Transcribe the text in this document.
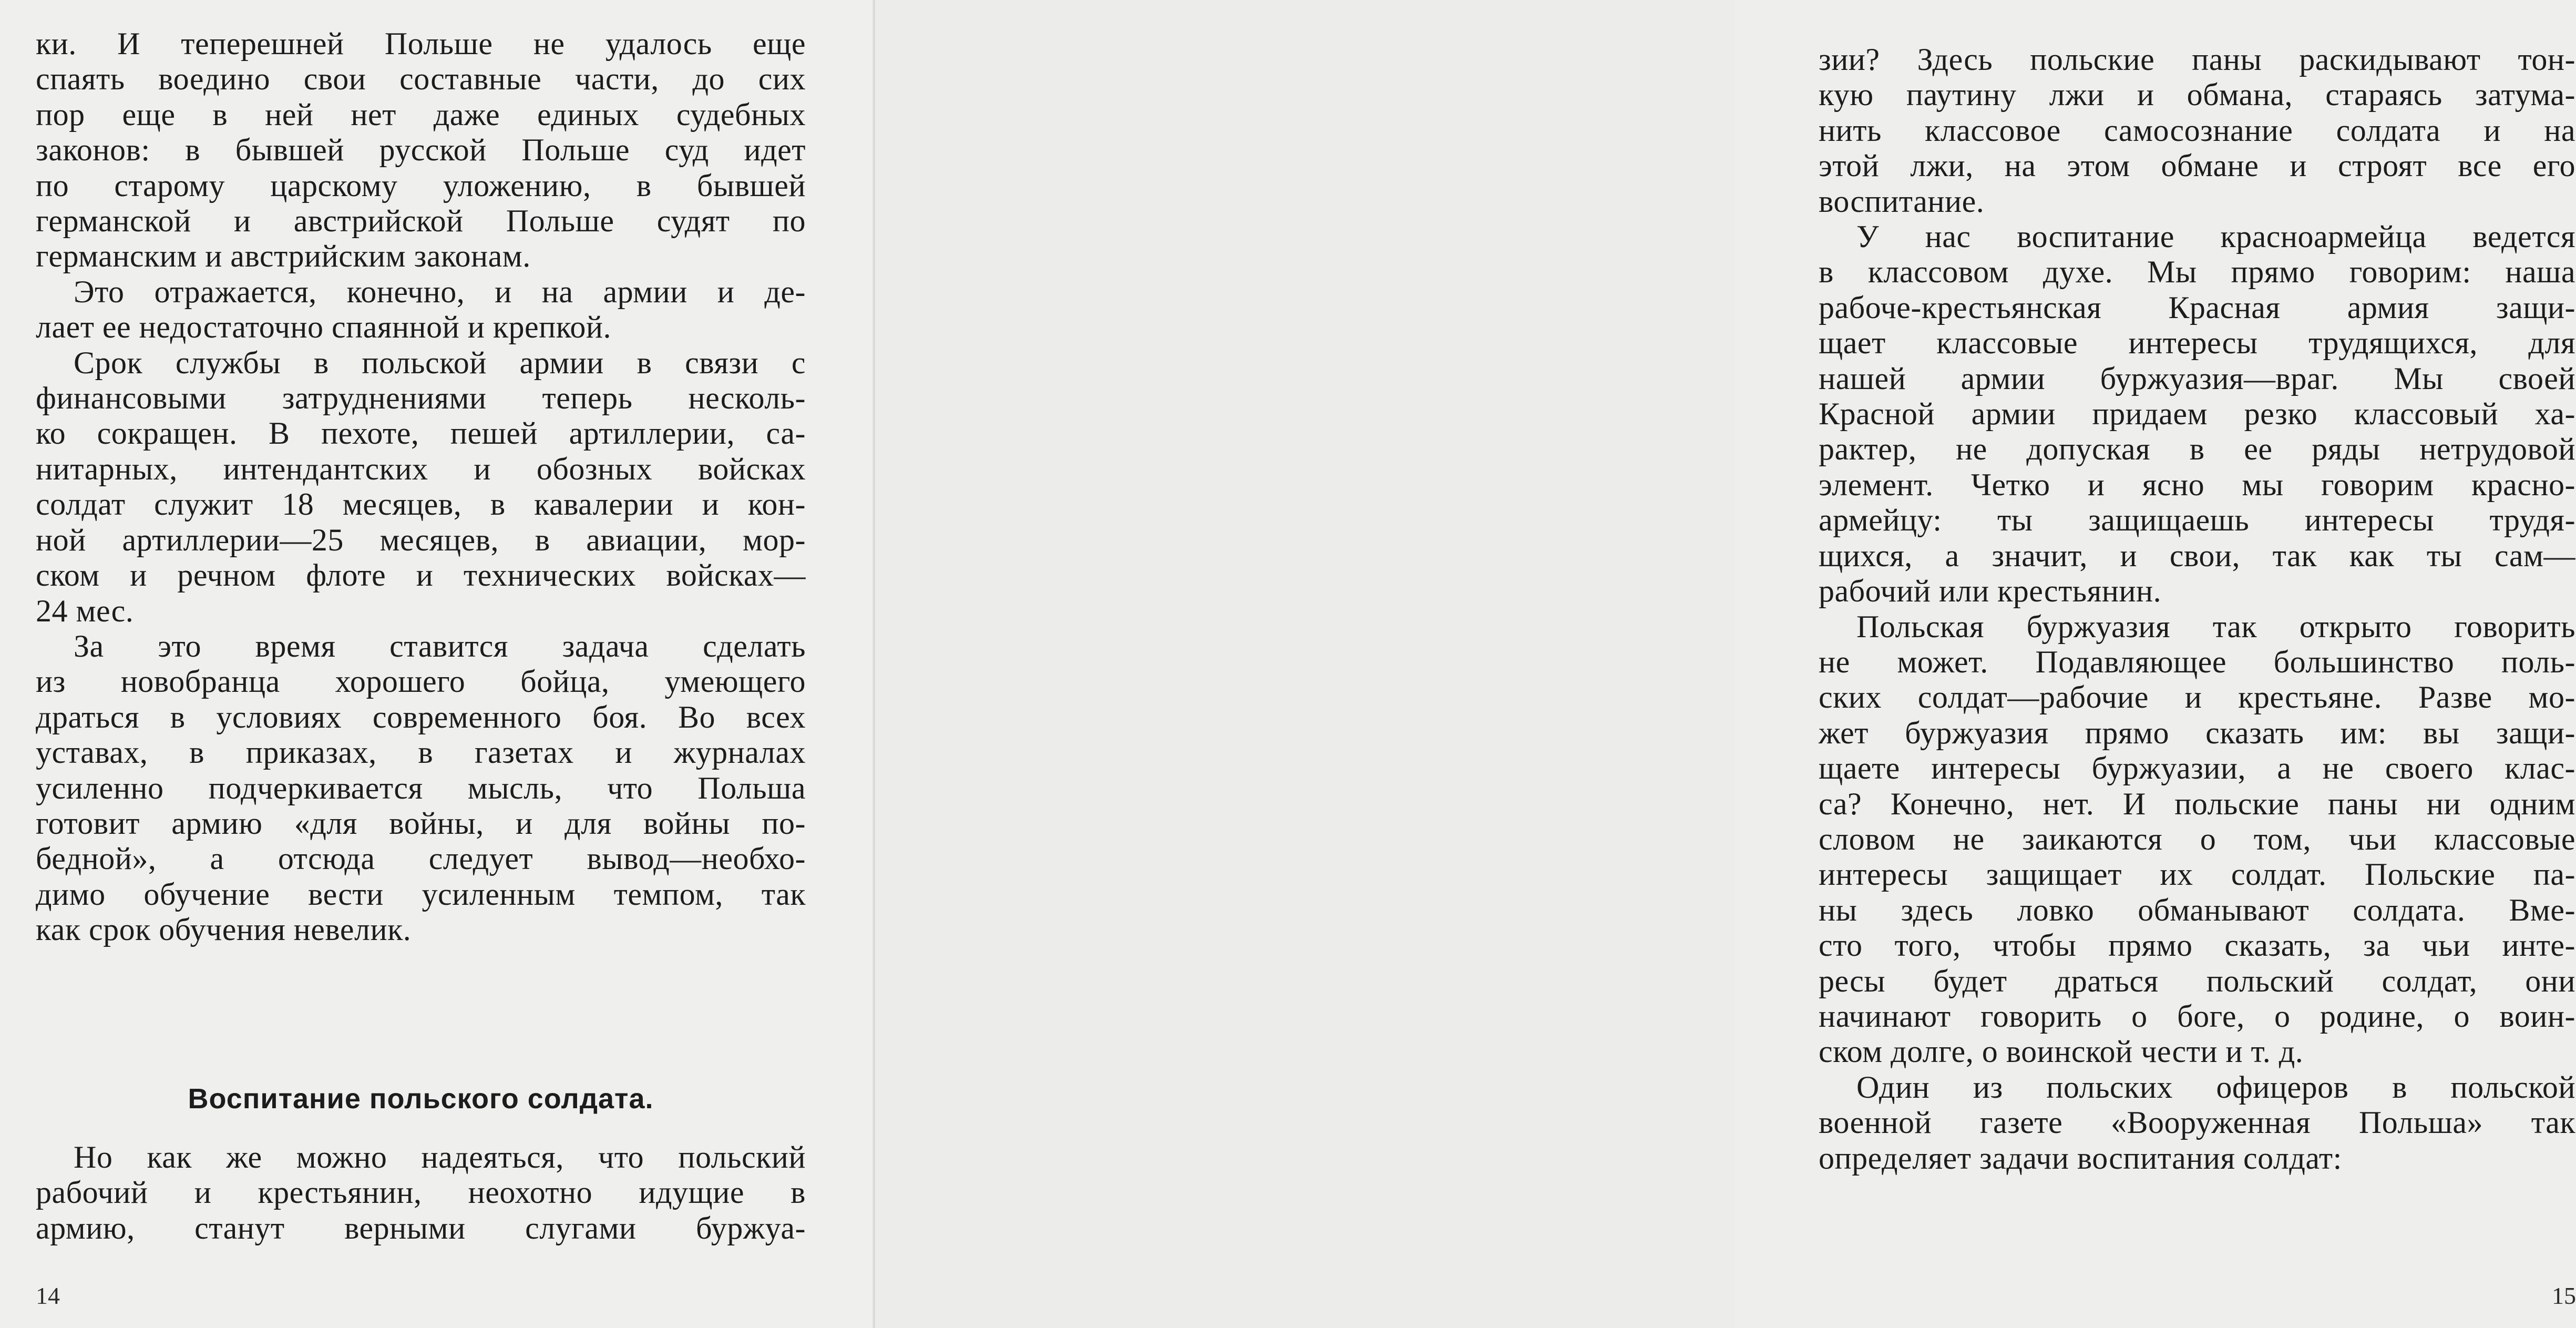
ки. И теперешней Польше не удалось еще
спаять воедино свои составные части, до сих
пор еще в ней нет даже единых судебных
законов: в бывшей русской Польше суд идет
по старому царскому уложению, в бывшей
германской и австрийской Польше судят по
германским и австрийским законам.
Это отражается, конечно, и на армии и де-
лает ее недостаточно спаянной и крепкой.
Срок службы в польской армии в связи с
финансовыми затруднениями теперь несколь-
ко сокращен. В пехоте, пешей артиллерии, са-
нитарных, интендантских и обозных войсках
солдат служит 18 месяцев, в кавалерии и кон-
ной артиллерии—25 месяцев, в авиации, мор-
ском и речном флоте и технических войсках—
24 мес.
За это время ставится задача сделать
из новобранца хорошего бойца, умеющего
драться в условиях современного боя. Во всех
уставах, в приказах, в газетах и журналах
усиленно подчеркивается мысль, что Польша
готовит армию «для войны, и для войны по-
бедной», а отсюда следует вывод—необхо-
димо обучение вести усиленным темпом, так
как срок обучения невелик.
Воспитание польского солдата.
Но как же можно надеяться, что польский
рабочий и крестьянин, неохотно идущие в
армию, станут верными слугами буржуа-
14
зии? Здесь польские паны раскидывают тон-
кую паутину лжи и обмана, стараясь затума-
нить классовое самосознание солдата и на
этой лжи, на этом обмане и строят все его
воспитание.
У нас воспитание красноармейца ведется
в классовом духе. Мы прямо говорим: наша
рабоче-крестьянская Красная армия защи-
щает классовые интересы трудящихся, для
нашей армии буржуазия—враг. Мы своей
Красной армии придаем резко классовый ха-
рактер, не допуская в ее ряды нетрудовой
элемент. Четко и ясно мы говорим красно-
армейцу: ты защищаешь интересы трудя-
щихся, а значит, и свои, так как ты сам—
рабочий или крестьянин.
Польская буржуазия так открыто говорить
не может. Подавляющее большинство поль-
ских солдат—рабочие и крестьяне. Разве мо-
жет буржуазия прямо сказать им: вы защи-
щаете интересы буржуазии, а не своего клас-
са? Конечно, нет. И польские паны ни одним
словом не заикаются о том, чьи классовые
интересы защищает их солдат. Польские па-
ны здесь ловко обманывают солдата. Вме-
сто того, чтобы прямо сказать, за чьи инте-
ресы будет драться польский солдат, они
начинают говорить о боге, о родине, о воин-
ском долге, о воинской чести и т. д.
Один из польских офицеров в польской
военной газете «Вооруженная Польша» так
определяет задачи воспитания солдат:
15
